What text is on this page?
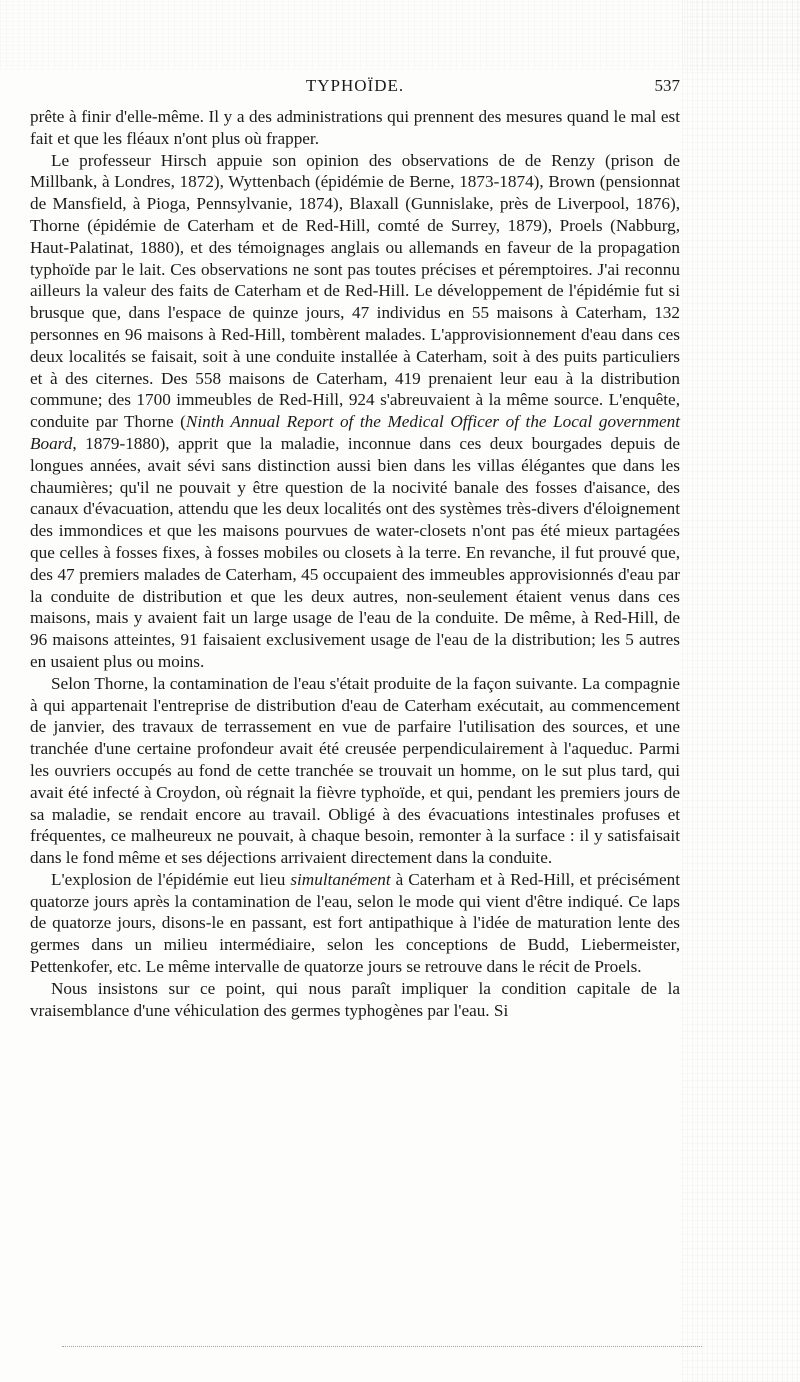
TYPHOÏDE.	537

prête à finir d'elle-même. Il y a des administrations qui prennent des mesures quand le mal est fait et que les fléaux n'ont plus où frapper.

Le professeur Hirsch appuie son opinion des observations de de Renzy (prison de Millbank, à Londres, 1872), Wyttenbach (épidémie de Berne, 1873-1874), Brown (pensionnat de Mansfield, à Pioga, Pennsylvanie, 1874), Blaxall (Gunnislake, près de Liverpool, 1876), Thorne (épidémie de Caterham et de Red-Hill, comté de Surrey, 1879), Proels (Nabburg, Haut-Palatinat, 1880), et des témoignages anglais ou allemands en faveur de la propagation typhoïde par le lait. Ces observations ne sont pas toutes précises et péremptoires. J'ai reconnu ailleurs la valeur des faits de Caterham et de Red-Hill. Le développement de l'épidémie fut si brusque que, dans l'espace de quinze jours, 47 individus en 55 maisons à Caterham, 132 personnes en 96 maisons à Red-Hill, tombèrent malades. L'approvisionnement d'eau dans ces deux localités se faisait, soit à une conduite installée à Caterham, soit à des puits particuliers et à des citernes. Des 558 maisons de Caterham, 419 prenaient leur eau à la distribution commune; des 1700 immeubles de Red-Hill, 924 s'abreuvaient à la même source. L'enquête, conduite par Thorne (Ninth Annual Report of the Medical Officer of the Local government Board, 1879-1880), apprit que la maladie, inconnue dans ces deux bourgades depuis de longues années, avait sévi sans distinction aussi bien dans les villas élégantes que dans les chaumières; qu'il ne pouvait y être question de la nocivité banale des fosses d'aisance, des canaux d'évacuation, attendu que les deux localités ont des systèmes très-divers d'éloignement des immondices et que les maisons pourvues de water-closets n'ont pas été mieux partagées que celles à fosses fixes, à fosses mobiles ou closets à la terre. En revanche, il fut prouvé que, des 47 premiers malades de Caterham, 45 occupaient des immeubles approvisionnés d'eau par la conduite de distribution et que les deux autres, non-seulement étaient venus dans ces maisons, mais y avaient fait un large usage de l'eau de la conduite. De même, à Red-Hill, de 96 maisons atteintes, 91 faisaient exclusivement usage de l'eau de la distribution; les 5 autres en usaient plus ou moins.

Selon Thorne, la contamination de l'eau s'était produite de la façon suivante. La compagnie à qui appartenait l'entreprise de distribution d'eau de Caterham exécutait, au commencement de janvier, des travaux de terrassement en vue de parfaire l'utilisation des sources, et une tranchée d'une certaine profondeur avait été creusée perpendiculairement à l'aqueduc. Parmi les ouvriers occupés au fond de cette tranchée se trouvait un homme, on le sut plus tard, qui avait été infecté à Croydon, où régnait la fièvre typhoïde, et qui, pendant les premiers jours de sa maladie, se rendait encore au travail. Obligé à des évacuations intestinales profuses et fréquentes, ce malheureux ne pouvait, à chaque besoin, remonter à la surface : il y satisfaisait dans le fond même et ses déjections arrivaient directement dans la conduite.

L'explosion de l'épidémie eut lieu simultanément à Caterham et à Red-Hill, et précisément quatorze jours après la contamination de l'eau, selon le mode qui vient d'être indiqué. Ce laps de quatorze jours, disons-le en passant, est fort antipathique à l'idée de maturation lente des germes dans un milieu intermédiaire, selon les conceptions de Budd, Liebermeister, Pettenkofer, etc. Le même intervalle de quatorze jours se retrouve dans le récit de Proels.

Nous insistons sur ce point, qui nous paraît impliquer la condition capitale de la vraisemblance d'une véhiculation des germes typhogènes par l'eau. Si
